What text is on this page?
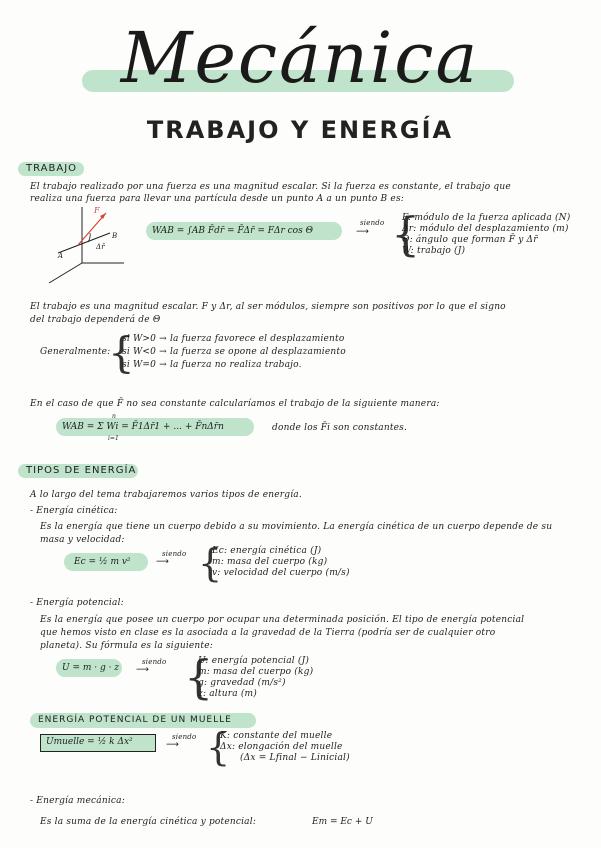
Mecánica
TRABAJO Y ENERGÍA
TRABAJO
El trabajo realizado por una fuerza es una magnitud escalar. Si la fuerza es constante, el trabajo que
realiza una fuerza para llevar una partícula desde un punto A a un punto B es:
F
A
B
Δr̄
WAB = ∫AB F̄dr̄ = F̄Δr̄ = FΔr cos Θ
siendo
⟶ {
F: módulo de la fuerza aplicada (N)
Δr: módulo del desplazamiento (m)
Θ: ángulo que forman F̄ y Δr̄
W: trabajo (J)
El trabajo es una magnitud escalar. F y Δr, al ser módulos, siempre son positivos por lo que el signo
del trabajo dependerá de Θ
Generalmente:
{
si W>0 → la fuerza favorece el desplazamiento
si W<0 → la fuerza se opone al desplazamiento
si W=0 → la fuerza no realiza trabajo.
En el caso de que F̄ no sea constante calcularíamos el trabajo de la siguiente manera:
n
WAB = Σ Wi = F̄1Δr̄1 + ... + F̄nΔr̄n
i=1
donde los F̄i son constantes.
TIPOS DE ENERGÍA
A lo largo del tema trabajaremos varios tipos de energía.
- Energía cinética:
Es la energía que tiene un cuerpo debido a su movimiento. La energía cinética de un cuerpo depende de su
masa y velocidad:
Ec = ½ m v²
siendo
⟶ {
Ec: energía cinética (J)
m: masa del cuerpo (kg)
v: velocidad del cuerpo (m/s)
- Energía potencial:
Es la energía que posee un cuerpo por ocupar una determinada posición. El tipo de energía potencial
que hemos visto en clase es la asociada a la gravedad de la Tierra (podría ser de cualquier otro
planeta). Su fórmula es la siguiente:
U = m · g · z
siendo
⟶ {
U: energía potencial (J)
m: masa del cuerpo (kg)
g: gravedad (m/s²)
z: altura (m)
ENERGÍA POTENCIAL DE UN MUELLE
Umuelle = ½ k Δx²	siendo
⟶ {
K: constante del muelle
Δx: elongación del muelle
(Δx = Lfinal − Linicial)
- Energía mecánica:
Es la suma de la energía cinética y potencial:	Em = Ec + U
